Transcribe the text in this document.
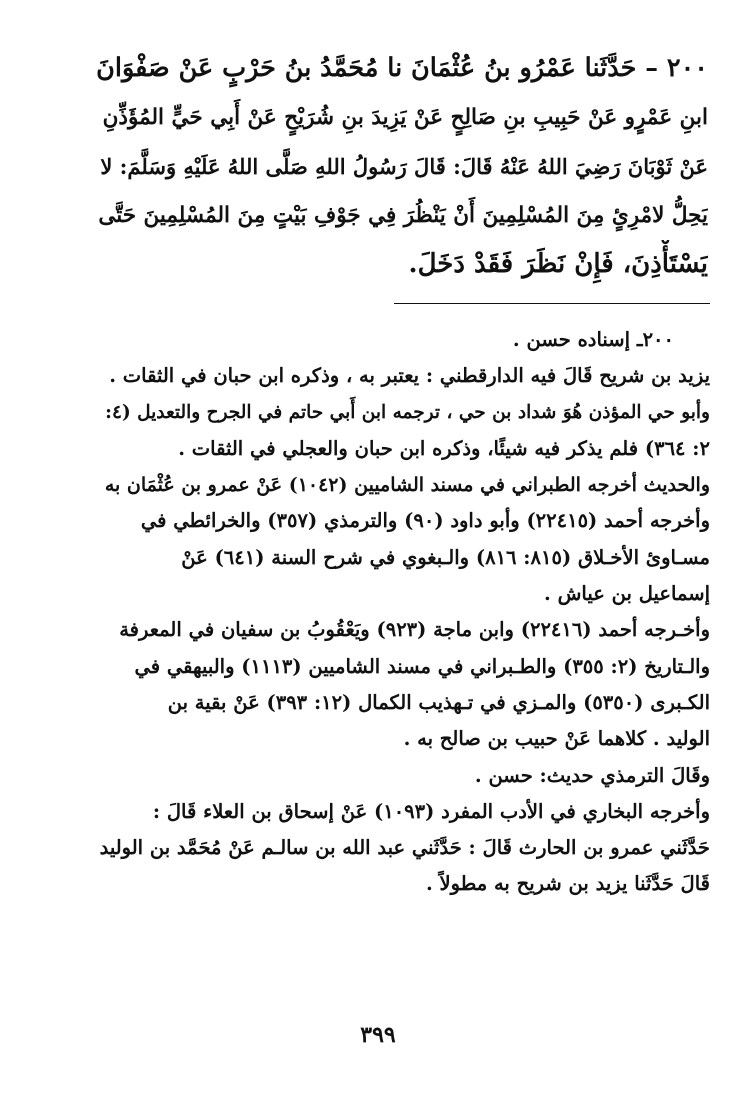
٢٠٠ – حَدَّثَنا عَمْرُو بنُ عُثْمَانَ نا مُحَمَّدُ بنُ حَرْبٍ عَنْ صَفْوَانَ
ابنِ عَمْرٍو عَنْ حَبِيبِ بنِ صَالِحٍ عَنْ يَزِيدَ بنِ شُرَيْحٍ عَنْ أَبِي حَيٍّ المُؤَذِّنِ
عَنْ ثَوْبَانَ رَضِيَ اللهُ عَنْهُ قَالَ: قَالَ رَسُولُ اللهِ صَلَّى اللهُ عَلَيْهِ وَسَلَّمَ: لا
يَحِلُّ لامْرِئٍ مِنَ المُسْلِمِينَ أَنْ يَنْظُرَ فِي جَوْفِ بَيْتٍ مِنَ المُسْلِمِينَ حَتَّى
يَسْتَأْذِنَ، فَإِنْ نَظَرَ فَقَدْ دَخَلَ.
٢٠٠ـ إسناده حسن .
يزيد بن شريح قَالَ فيه الدارقطني : يعتبر به ، وذكره ابن حبان في الثقات .
وأبو حي المؤذن هُوَ شداد بن حي ، ترجمه ابن أَبي حاتم في الجرح والتعديل (٤:
٢: ٣٦٤) فلم يذكر فيه شيئًا، وذكره ابن حبان والعجلي في الثقات .
والحديث أخرجه الطبراني في مسند الشاميين (١٠٤٢) عَنْ عمرو بن عُثْمَان به
وأخرجه أحمد (٢٢٤١٥) وأبو داود (٩٠) والترمذي (٣٥٧) والخرائطي في
مسـاوئ الأخـلاق (٨١٥: ٨١٦) والـبغوي في شرح السنة (٦٤١) عَنْ
إسماعيل بن عياش .
وأخـرجه أحمد (٢٢٤١٦) وابن ماجة (٩٢٣) ويَعْقُوبُ بن سفيان في المعرفة
والـتاريخ (٢: ٣٥٥) والطـبراني في مسند الشاميين (١١١٣) والبيهقي في
الكـبرى (٥٣٥٠) والمـزي في تـهذيب الكمال (١٢: ٣٩٣) عَنْ بقية بن
الوليد . كلاهما عَنْ حبيب بن صالح به .
وقَالَ الترمذي حديث: حسن .
وأخرجه البخاري في الأدب المفرد (١٠٩٣) عَنْ إسحاق بن العلاء قَالَ :
حَدَّثَني عمرو بن الحارث قَالَ : حَدَّثَني عبد الله بن سالـم عَنْ مُحَمَّد بن الوليد
قَالَ حَدَّثَنا يزيد بن شريح به مطولاً .
٣٩٩
